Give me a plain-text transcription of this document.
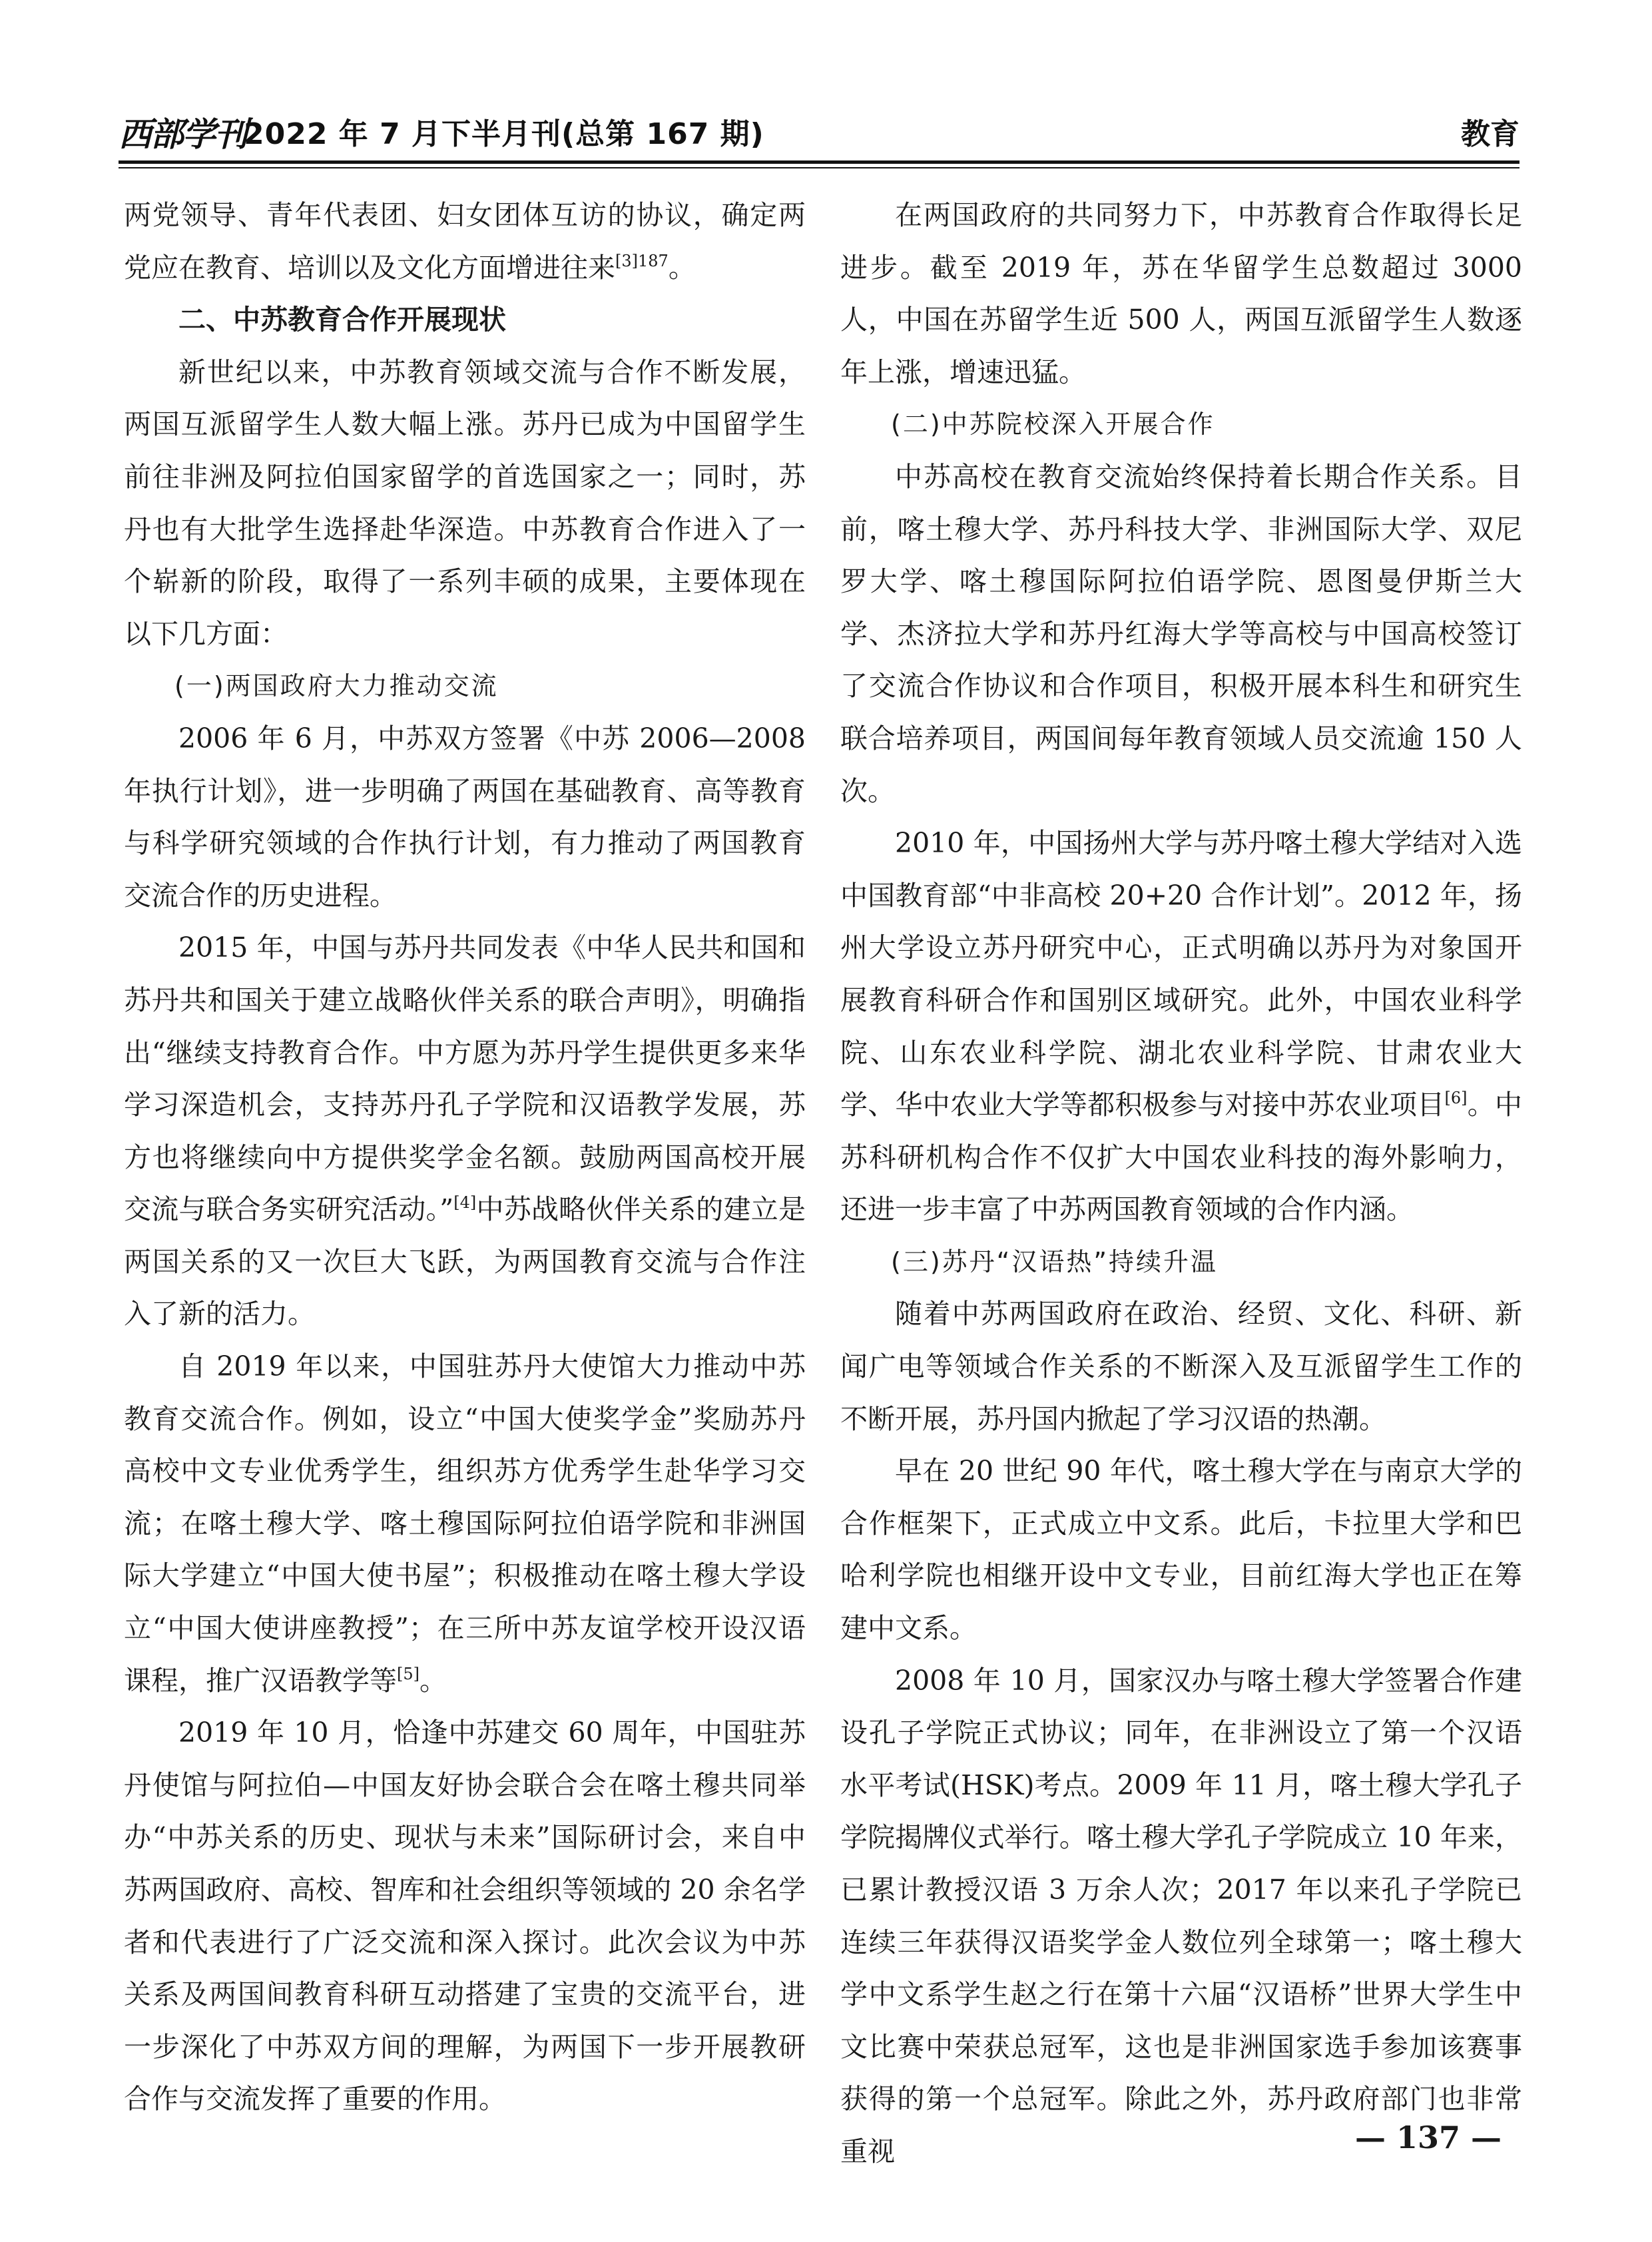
西部学刊
2022 年 7 月下半月刊(总第 167 期)	教育

两党领导、青年代表团、妇女团体互访的协议，确定两党应在教育、培训以及文化方面增进往来$^{[3]187}$。

二、中苏教育合作开展现状

新世纪以来，中苏教育领域交流与合作不断发展，两国互派留学生人数大幅上涨。苏丹已成为中国留学生前往非洲及阿拉伯国家留学的首选国家之一；同时，苏丹也有大批学生选择赴华深造。中苏教育合作进入了一个崭新的阶段，取得了一系列丰硕的成果，主要体现在以下几方面：

(一)两国政府大力推动交流

2006 年 6 月，中苏双方签署《中苏 2006—2008 年执行计划》，进一步明确了两国在基础教育、高等教育与科学研究领域的合作执行计划，有力推动了两国教育交流合作的历史进程。

2015 年，中国与苏丹共同发表《中华人民共和国和苏丹共和国关于建立战略伙伴关系的联合声明》，明确指出“继续支持教育合作。中方愿为苏丹学生提供更多来华学习深造机会，支持苏丹孔子学院和汉语教学发展，苏方也将继续向中方提供奖学金名额。鼓励两国高校开展交流与联合务实研究活动。”[4]中苏战略伙伴关系的建立是两国关系的又一次巨大飞跃，为两国教育交流与合作注入了新的活力。

自 2019 年以来，中国驻苏丹大使馆大力推动中苏教育交流合作。例如，设立“中国大使奖学金”奖励苏丹高校中文专业优秀学生，组织苏方优秀学生赴华学习交流；在喀土穆大学、喀土穆国际阿拉伯语学院和非洲国际大学建立“中国大使书屋”；积极推动在喀土穆大学设立“中国大使讲座教授”；在三所中苏友谊学校开设汉语课程，推广汉语教学等[5]。

2019 年 10 月，恰逢中苏建交 60 周年，中国驻苏丹使馆与阿拉伯—中国友好协会联合会在喀土穆共同举办“中苏关系的历史、现状与未来”国际研讨会，来自中苏两国政府、高校、智库和社会组织等领域的 20 余名学者和代表进行了广泛交流和深入探讨。此次会议为中苏关系及两国间教育科研互动搭建了宝贵的交流平台，进一步深化了中苏双方间的理解，为两国下一步开展教研合作与交流发挥了重要的作用。

在两国政府的共同努力下，中苏教育合作取得长足进步。截至 2019 年，苏在华留学生总数超过 3000 人，中国在苏留学生近 500 人，两国互派留学生人数逐年上涨，增速迅猛。

(二)中苏院校深入开展合作

中苏高校在教育交流始终保持着长期合作关系。目前，喀土穆大学、苏丹科技大学、非洲国际大学、双尼罗大学、喀土穆国际阿拉伯语学院、恩图曼伊斯兰大学、杰济拉大学和苏丹红海大学等高校与中国高校签订了交流合作协议和合作项目，积极开展本科生和研究生联合培养项目，两国间每年教育领域人员交流逾 150 人次。

2010 年，中国扬州大学与苏丹喀土穆大学结对入选中国教育部“中非高校 20+20 合作计划”。2012 年，扬州大学设立苏丹研究中心，正式明确以苏丹为对象国开展教育科研合作和国别区域研究。此外，中国农业科学院、山东农业科学院、湖北农业科学院、甘肃农业大学、华中农业大学等都积极参与对接中苏农业项目[6]。中苏科研机构合作不仅扩大中国农业科技的海外影响力，还进一步丰富了中苏两国教育领域的合作内涵。

(三)苏丹“汉语热”持续升温

随着中苏两国政府在政治、经贸、文化、科研、新闻广电等领域合作关系的不断深入及互派留学生工作的不断开展，苏丹国内掀起了学习汉语的热潮。

早在 20 世纪 90 年代，喀土穆大学在与南京大学的合作框架下，正式成立中文系。此后，卡拉里大学和巴哈利学院也相继开设中文专业，目前红海大学也正在筹建中文系。

2008 年 10 月，国家汉办与喀土穆大学签署合作建设孔子学院正式协议；同年，在非洲设立了第一个汉语水平考试(HSK)考点。2009 年 11 月，喀土穆大学孔子学院揭牌仪式举行。喀土穆大学孔子学院成立 10 年来，已累计教授汉语 3 万余人次；2017 年以来孔子学院已连续三年获得汉语奖学金人数位列全球第一；喀土穆大学中文系学生赵之行在第十六届“汉语桥”世界大学生中文比赛中荣获总冠军，这也是非洲国家选手参加该赛事获得的第一个总冠军。除此之外，苏丹政府部门也非常重视	— 137 —
